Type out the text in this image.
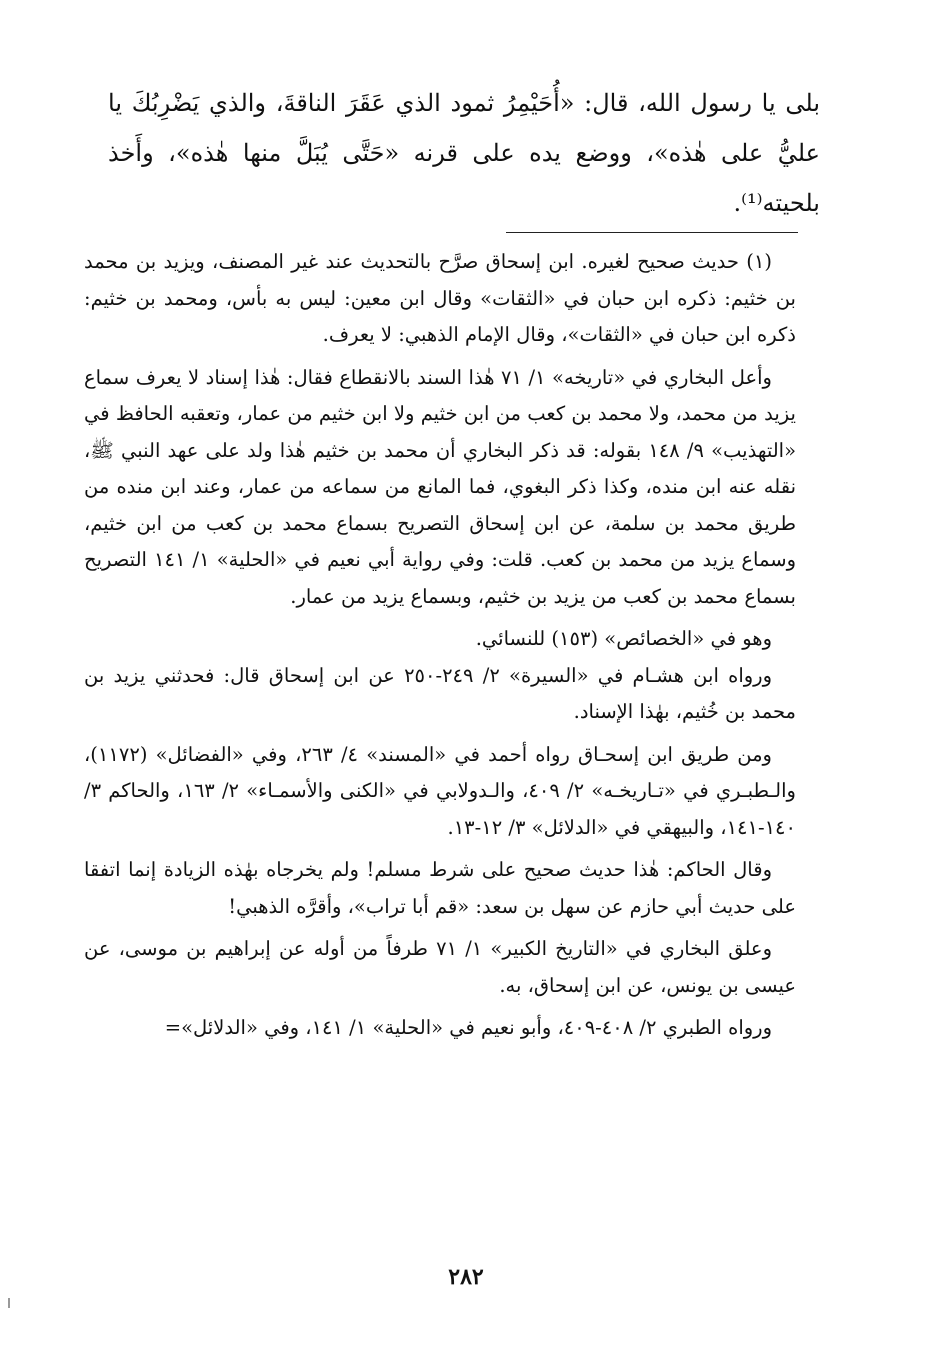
بلى يا رسول الله، قال: «أُحَيْمِرُ ثمود الذي عَقَرَ الناقةَ، والذي يَضْرِبُكَ يا عليُّ على هٰذه»، ووضع يده على قرنه «حَتَّى يُبَلَّ منها هٰذه»، وأَخذ بلحيته⁽¹⁾.

(١) حديث صحيح لغيره. ابن إسحاق صرَّح بالتحديث عند غير المصنف، ويزيد بن محمد بن خثيم: ذكره ابن حبان في «الثقات» وقال ابن معين: ليس به بأس، ومحمد بن خثيم: ذكره ابن حبان في «الثقات»، وقال الإمام الذهبي: لا يعرف.

وأعل البخاري في «تاريخه» ١/ ٧١ هٰذا السند بالانقطاع فقال: هٰذا إسناد لا يعرف سماع يزيد من محمد، ولا محمد بن كعب من ابن خثيم ولا ابن خثيم من عمار، وتعقبه الحافظ في «التهذيب» ٩/ ١٤٨ بقوله: قد ذكر البخاري أن محمد بن خثيم هٰذا ولد على عهد النبي ﷺ، نقله عنه ابن منده، وكذا ذكر البغوي، فما المانع من سماعه من عمار، وعند ابن منده من طريق محمد بن سلمة، عن ابن إسحاق التصريح بسماع محمد بن كعب من ابن خثيم، وسماع يزيد من محمد بن كعب. قلت: وفي رواية أبي نعيم في «الحلية» ١/ ١٤١ التصريح بسماع محمد بن كعب من يزيد بن خثيم، وبسماع يزيد من عمار.

وهو في «الخصائص» (١٥٣) للنسائي.

ورواه ابن هشـام في «السيرة» ٢/ ٢٤٩-٢٥٠ عن ابن إسحاق قال: فحدثني يزيد بن محمد بن خُثيم، بهٰذا الإسناد.

ومن طريق ابن إسحـاق رواه أحمد في «المسند» ٤/ ٢٦٣، وفي «الفضائل» (١١٧٢)، والـطبـري في «تـاريخـه» ٢/ ٤٠٩، والـدولابي في «الكنى والأسمـاء» ٢/ ١٦٣، والحاكم ٣/ ١٤٠-١٤١، والبيهقي في «الدلائل» ٣/ ١٢-١٣.

وقال الحاكم: هٰذا حديث صحيح على شرط مسلم! ولم يخرجاه بهٰذه الزيادة إنما اتفقا على حديث أبي حازم عن سهل بن سعد: «قم أبا تراب»، وأقرَّه الذهبي!

وعلق البخاري في «التاريخ الكبير» ١/ ٧١ طرفاً من أوله عن إبراهيم بن موسى، عن عيسى بن يونس، عن ابن إسحاق، به.

ورواه الطبري ٢/ ٤٠٨-٤٠٩، وأبو نعيم في «الحلية» ١/ ١٤١، وفي «الدلائل»=

٢٨٢
